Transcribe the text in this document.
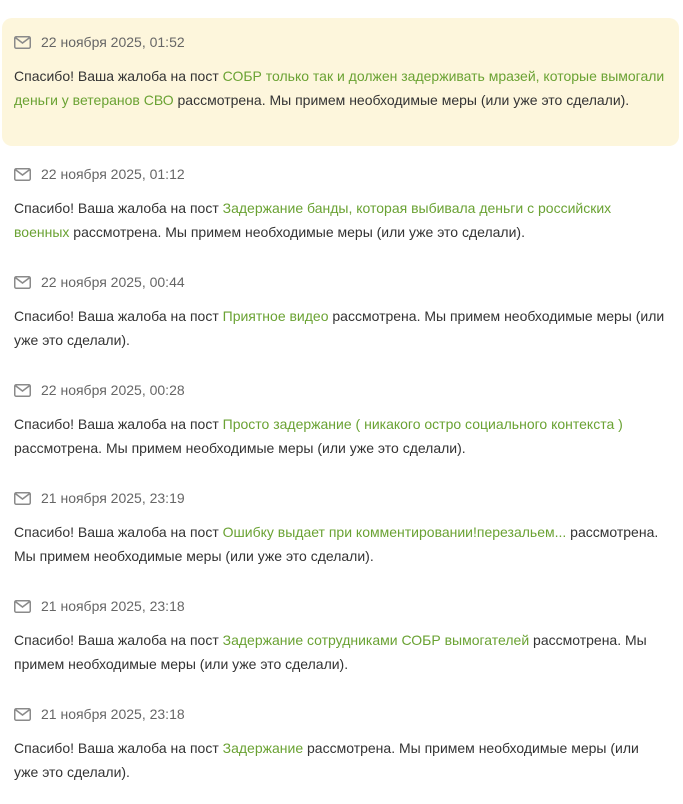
22 ноября 2025, 01:52

Спасибо! Ваша жалоба на пост СОБР только так и должен задерживать мразей, которые вымогали деньги у ветеранов СВО рассмотрена. Мы примем необходимые меры (или уже это сделали).

22 ноября 2025, 01:12

Спасибо! Ваша жалоба на пост Задержание банды, которая выбивала деньги с российских военных рассмотрена. Мы примем необходимые меры (или уже это сделали).

22 ноября 2025, 00:44

Спасибо! Ваша жалоба на пост Приятное видео рассмотрена. Мы примем необходимые меры (или уже это сделали).

22 ноября 2025, 00:28

Спасибо! Ваша жалоба на пост Просто задержание ( никакого остро социального контекста ) рассмотрена. Мы примем необходимые меры (или уже это сделали).

21 ноября 2025, 23:19

Спасибо! Ваша жалоба на пост Ошибку выдает при комментировании!перезальем... рассмотрена. Мы примем необходимые меры (или уже это сделали).

21 ноября 2025, 23:18

Спасибо! Ваша жалоба на пост Задержание сотрудниками СОБР вымогателей рассмотрена. Мы примем необходимые меры (или уже это сделали).

21 ноября 2025, 23:18

Спасибо! Ваша жалоба на пост Задержание рассмотрена. Мы примем необходимые меры (или уже это сделали).
